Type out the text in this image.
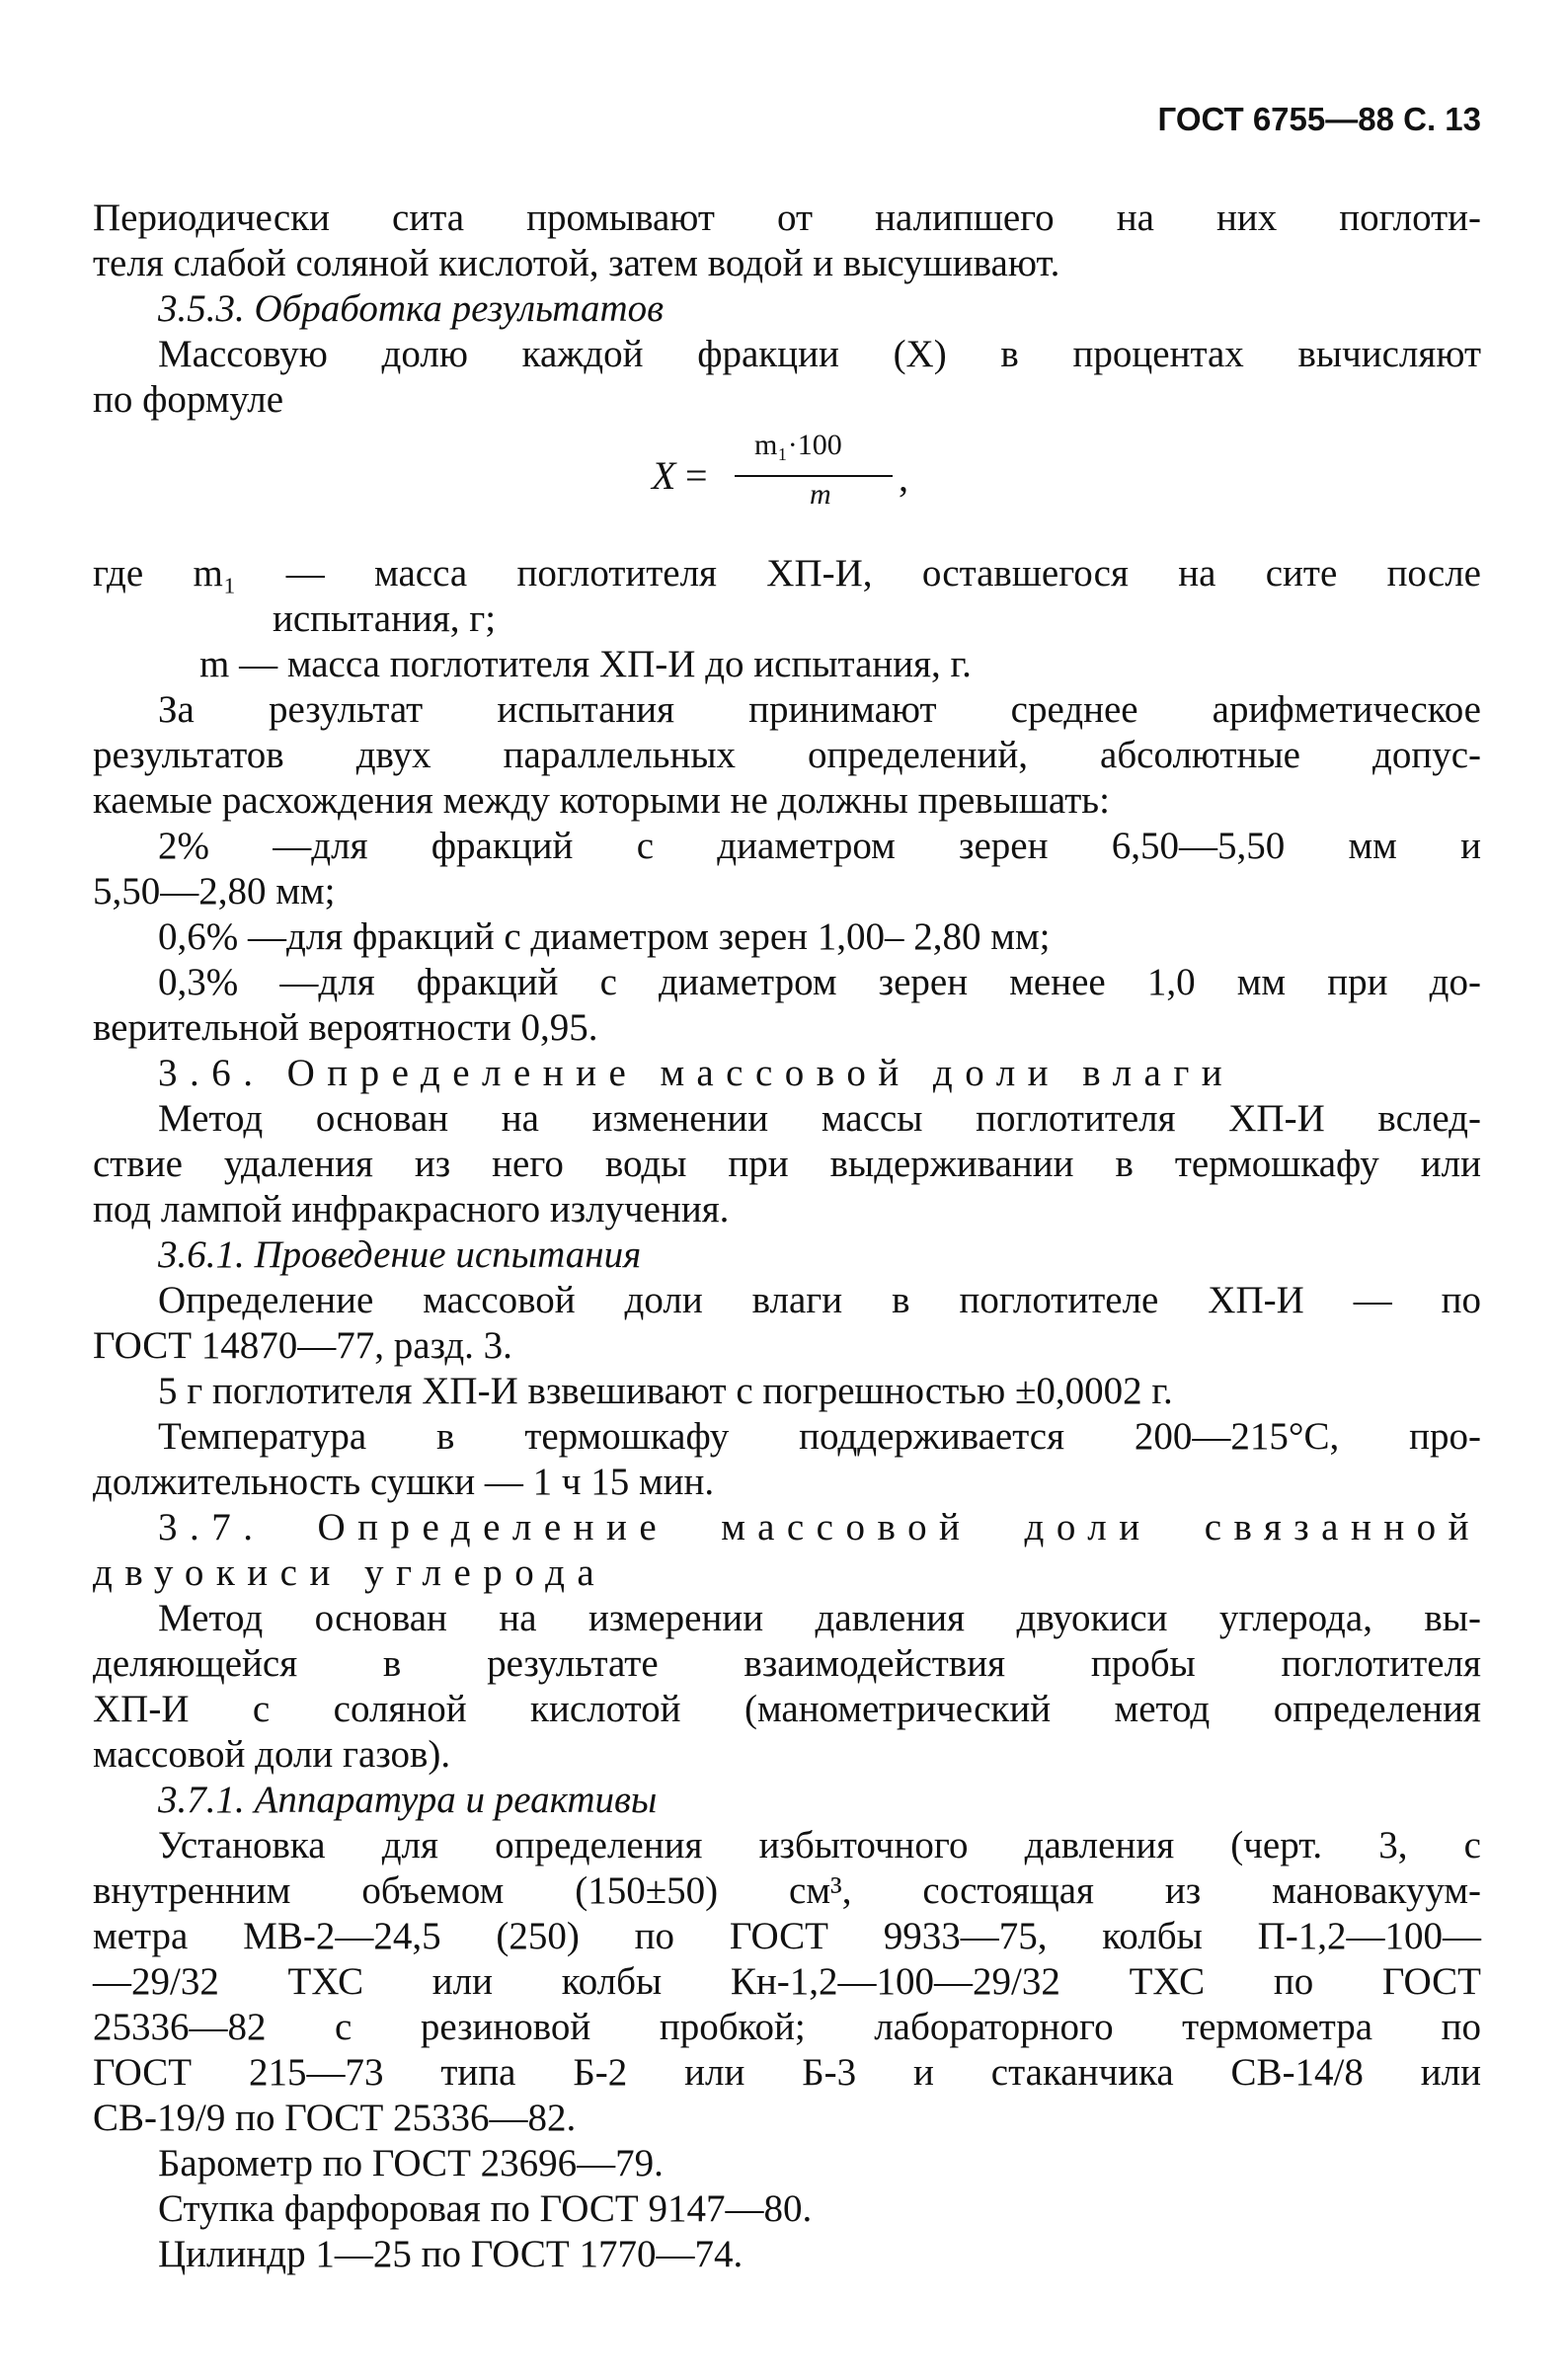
ГОСТ 6755—88 С. 13
Периодически сита промывают от налипшего на них поглоти-
теля слабой соляной кислотой, затем водой и высушивают.
3.5.3. Обработка результатов
Массовую долю каждой фракции (X) в процентах вычисляют
по формуле
X =
m₁·100
m ,
где m₁ — масса поглотителя ХП-И, оставшегося на сите после
испытания, г;
m — масса поглотителя ХП-И до испытания, г.
За результат испытания принимают среднее арифметическое
результатов двух параллельных определений, абсолютные допус-
каемые расхождения между которыми не должны превышать:
2% —для фракций с диаметром зерен 6,50—5,50 мм и
5,50—2,80 мм;
0,6% —для фракций с диаметром зерен 1,00– 2,80 мм;
0,3% —для фракций с диаметром зерен менее 1,0 мм при до-
верительной вероятности 0,95.
3.6. Определение массовой доли влаги
Метод основан на изменении массы поглотителя ХП-И вслед-
ствие удаления из него воды при выдерживании в термошкафу или
под лампой инфракрасного излучения.
3.6.1. Проведение испытания
Определение массовой доли влаги в поглотителе ХП-И — по
ГОСТ 14870—77, разд. 3.
5 г поглотителя ХП-И взвешивают с погрешностью ±0,0002 г.
Температура в термошкафу поддерживается 200—215°С, про-
должительность сушки — 1 ч 15 мин.
3.7. Определение массовой доли связанной
двуокиси углерода
Метод основан на измерении давления двуокиси углерода, вы-
деляющейся в результате взаимодействия пробы поглотителя
ХП-И с соляной кислотой (манометрический метод определения
массовой доли газов).
3.7.1. Аппаратура и реактивы
Установка для определения избыточного давления (черт. 3, с
внутренним объемом (150±50) см³, состоящая из мановакуум-
метра МВ-2—24,5 (250) по ГОСТ 9933—75, колбы П-1,2—100—
—29/32 ТХС или колбы Кн-1,2—100—29/32 ТХС по ГОСТ
25336—82 с резиновой пробкой; лабораторного термометра по
ГОСТ 215—73 типа Б-2 или Б-3 и стаканчика СВ-14/8 или
СВ-19/9 по ГОСТ 25336—82.
Барометр по ГОСТ 23696—79.
Ступка фарфоровая по ГОСТ 9147—80.
Цилиндр 1—25 по ГОСТ 1770—74.
